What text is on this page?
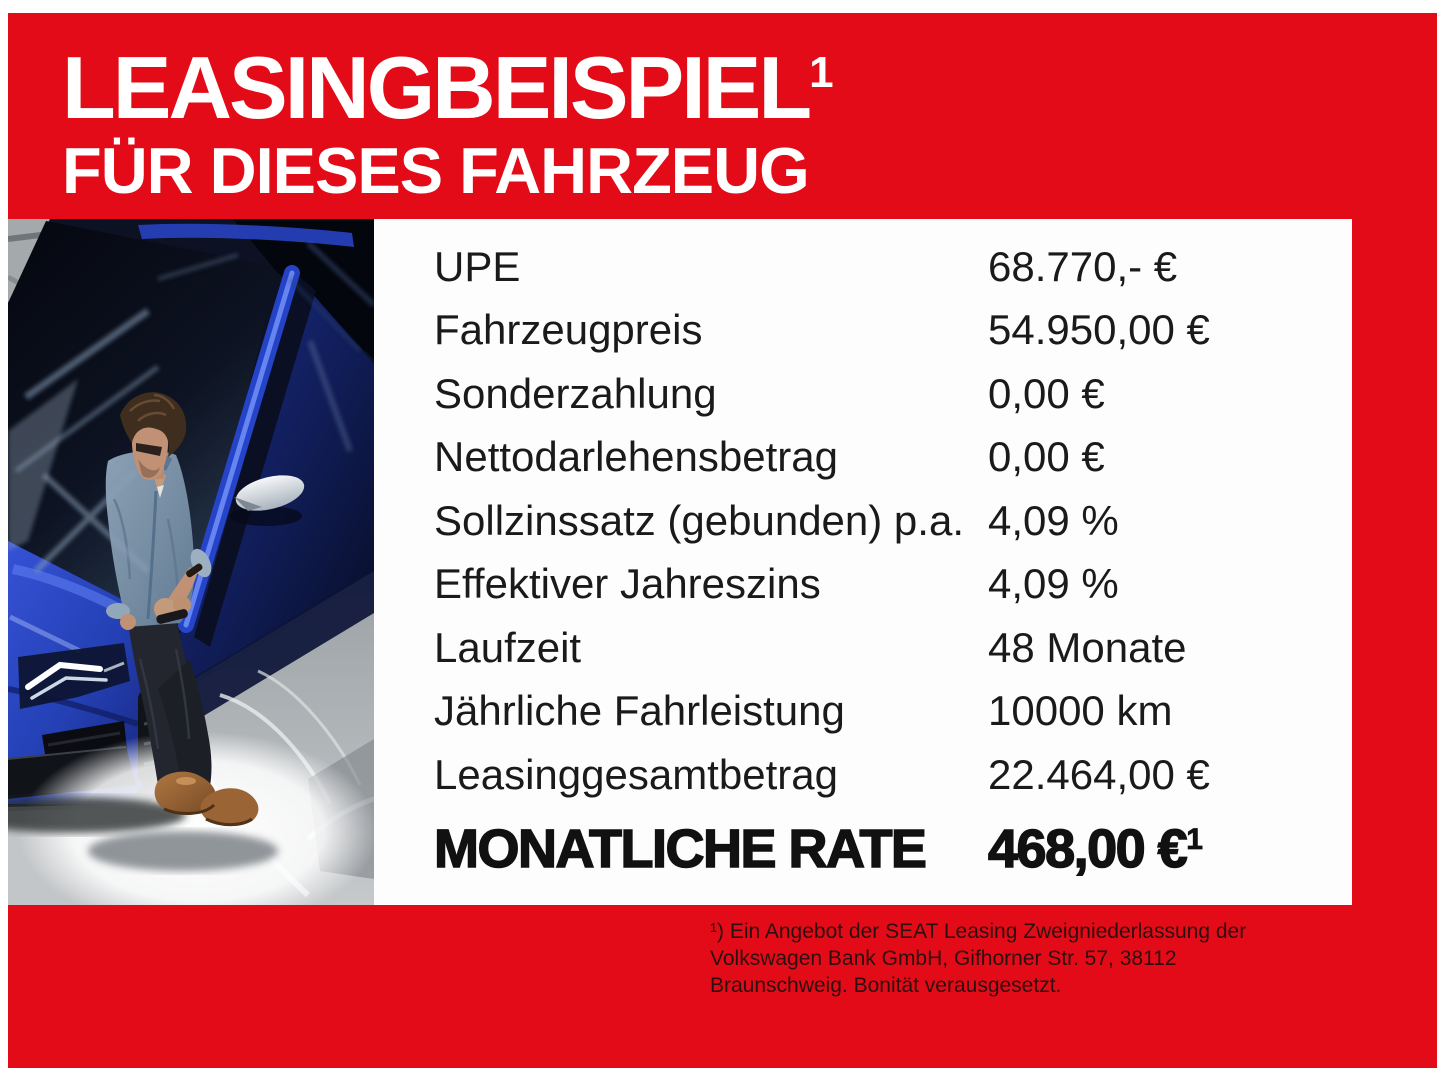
LEASINGBEISPIEL$^1$
FÜR DIESES FAHRZEUG
UPE	68.770,- €
Fahrzeugpreis	54.950,00 €
Sonderzahlung	0,00 €
Nettodarlehensbetrag	0,00 €
Sollzinssatz (gebunden) p.a. 4,09 %
Effektiver Jahreszins	4,09 %
Laufzeit	48 Monate
Jährliche Fahrleistung	10000 km
Leasinggesamtbetrag	22.464,00 €
MONATLICHE RATE	468,00 €$^1$
¹) Ein Angebot der SEAT Leasing Zweigniederlassung der
Volkswagen Bank GmbH, Gifhorner Str. 57, 38112
Braunschweig. Bonität verausgesetzt.
